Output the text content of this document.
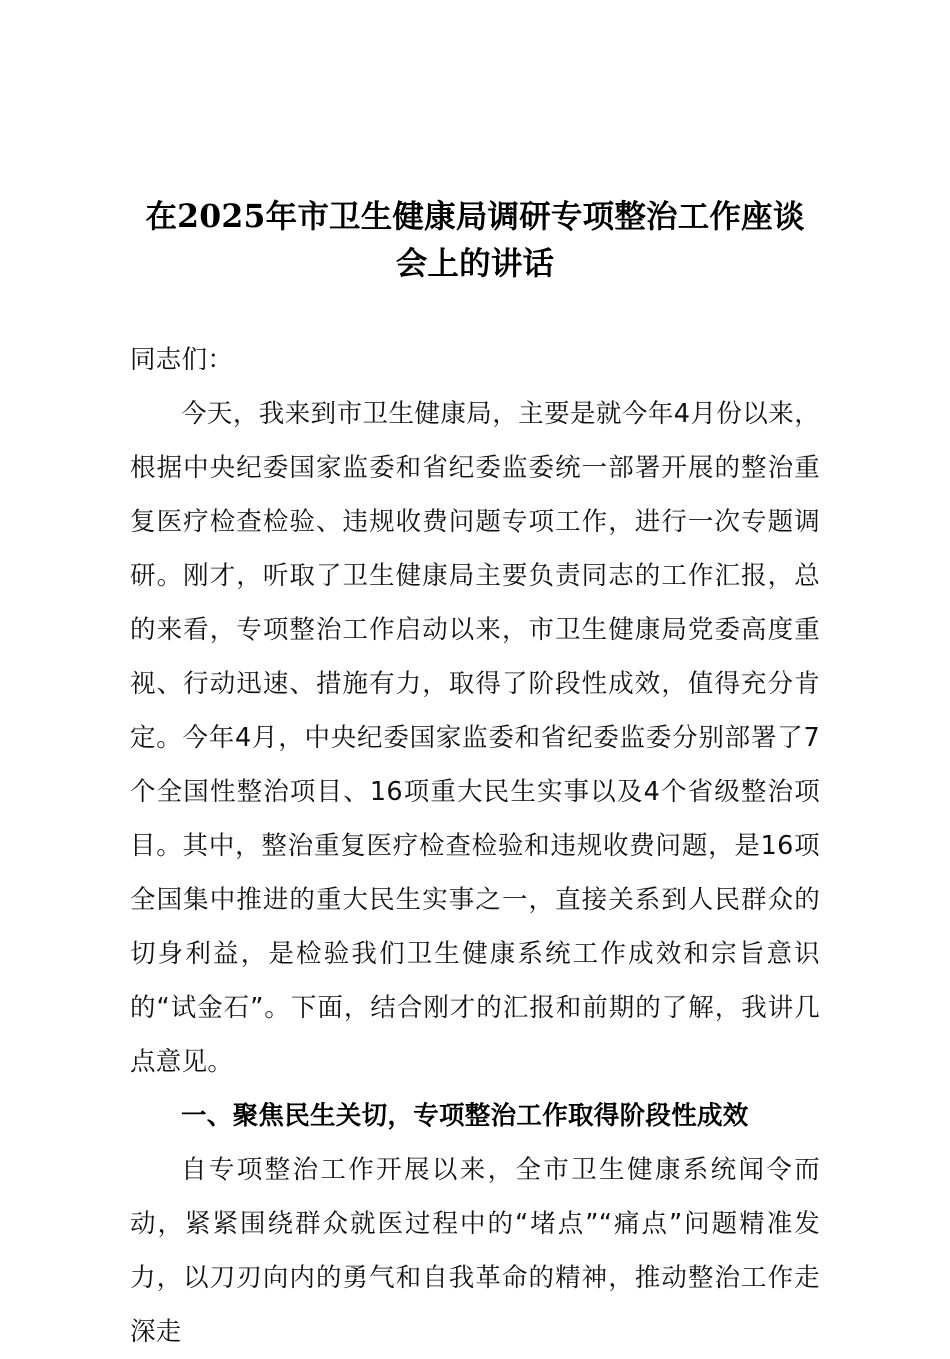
在2025年市卫生健康局调研专项整治工作座谈会上的讲话

同志们：

今天，我来到市卫生健康局，主要是就今年4月份以来，根据中央纪委国家监委和省纪委监委统一部署开展的整治重复医疗检查检验、违规收费问题专项工作，进行一次专题调研。刚才，听取了卫生健康局主要负责同志的工作汇报，总的来看，专项整治工作启动以来，市卫生健康局党委高度重视、行动迅速、措施有力，取得了阶段性成效，值得充分肯定。今年4月，中央纪委国家监委和省纪委监委分别部署了7个全国性整治项目、16项重大民生实事以及4个省级整治项目。其中，整治重复医疗检查检验和违规收费问题，是16项全国集中推进的重大民生实事之一，直接关系到人民群众的切身利益，是检验我们卫生健康系统工作成效和宗旨意识的“试金石”。下面，结合刚才的汇报和前期的了解，我讲几点意见。

一、聚焦民生关切，专项整治工作取得阶段性成效

自专项整治工作开展以来，全市卫生健康系统闻令而动，紧紧围绕群众就医过程中的“堵点”“痛点”问题精准发力，以刀刃向内的勇气和自我革命的精神，推动整治工作走深走
